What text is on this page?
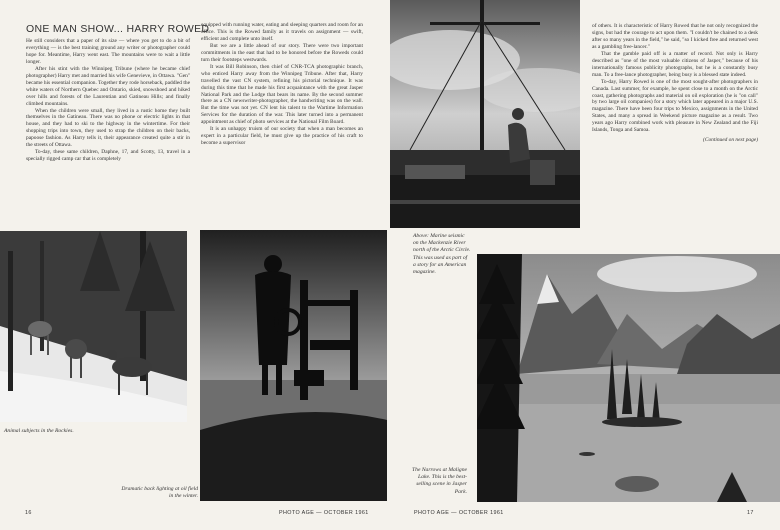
ONE MAN SHOW... HARRY ROWED

He still considers that a paper of its size — where you get to do a bit of everything — is the best training ground any writer or photographer could hope for. Meantime, Harry went east. The mountains were to wait a little longer.

After his stint with the Winnipeg Tribune (where he became chief photographer) Harry met and married his wife Genevieve, in Ottawa. "Gen" became his essential companion. Together they rode horseback, paddled the white waters of Northern Quebec and Ontario, skied, snowshoed and hiked over hills and forests of the Laurentian and Gatineau Hills; and finally climbed mountains.

When the children were small, they lived in a rustic home they built themselves in the Gatineau. There was no phone or electric lights in that house, and they had to ski to the highway in the wintertime. For their shopping trips into town, they used to strap the children on their backs, papoose fashion. As Harry tells it, their appearance created quite a stir in the streets of Ottawa.

To-day, these same children, Daphne, 17, and Scotty, 13, travel in a specially rigged camp car that is completely

equipped with running water, eating and sleeping quarters and room for an office. This is the Rowed family as it travels on assignment — swift, efficient and complete unto itself.

But we are a little ahead of our story. There were two important commitments in the east that had to be honored before the Roweds could turn their footsteps westwards.

It was Bill Robinson, then chief of CNR-TCA photographic branch, who enticed Harry away from the Winnipeg Tribune. After that, Harry travelled the vast CN system, refining his pictorial technique. It was during this time that he made his first acquaintance with the great Jasper National Park and the Lodge that bears its name. By the second summer there as a CN newswriter-photographer, the handwriting was on the wall. But the time was not yet. CN lent his talent to the Wartime Information Services for the duration of the war. This later turned into a permanent appointment as chief of photo services at the National Film Board.

It is an unhappy truism of our society that when a man becomes an expert in a particular field, he must give up the practice of his craft to become a supervisor

of others. It is characteristic of Harry Rowed that he not only recognized the signs, but had the courage to act upon them. "I couldn't be chained to a desk after so many years in the field," he said, "so I kicked free and returned west as a gambling free-lancer."

That the gamble paid off is a matter of record. Not only is Harry described as "one of the most valuable citizens of Jasper," because of his internationally famous publicity photographs, but he is a constantly busy man. To a free-lance photographer, being busy is a blessed state indeed.

To-day, Harry Rowed is one of the most sought-after photographers in Canada. Last summer, for example, he spent close to a month on the Arctic coast, gathering photographs and material on oil exploration (he is "on call" by two large oil companies) for a story which later appeared in a major U.S. magazine. There have been four trips to Mexico, assignments in the United States, and many a spread in Weekend picture magazine as a result. Two years ago Harry combined work with pleasure in New Zealand and the Fiji Islands, Tonga and Samoa.

(Continued on next page)

Animal subjects in the Rockies.
Above: Marine seismic on the Mackenzie River north of the Arctic Circle. This was used as part of a story for an American magazine.
The Narrows at Maligne Lake. This is the best-selling scene in Jasper Park.
Dramatic back lighting at oil field in the winter.
16	PHOTO AGE — OCTOBER 1961	PHOTO AGE — OCTOBER 1961	17
